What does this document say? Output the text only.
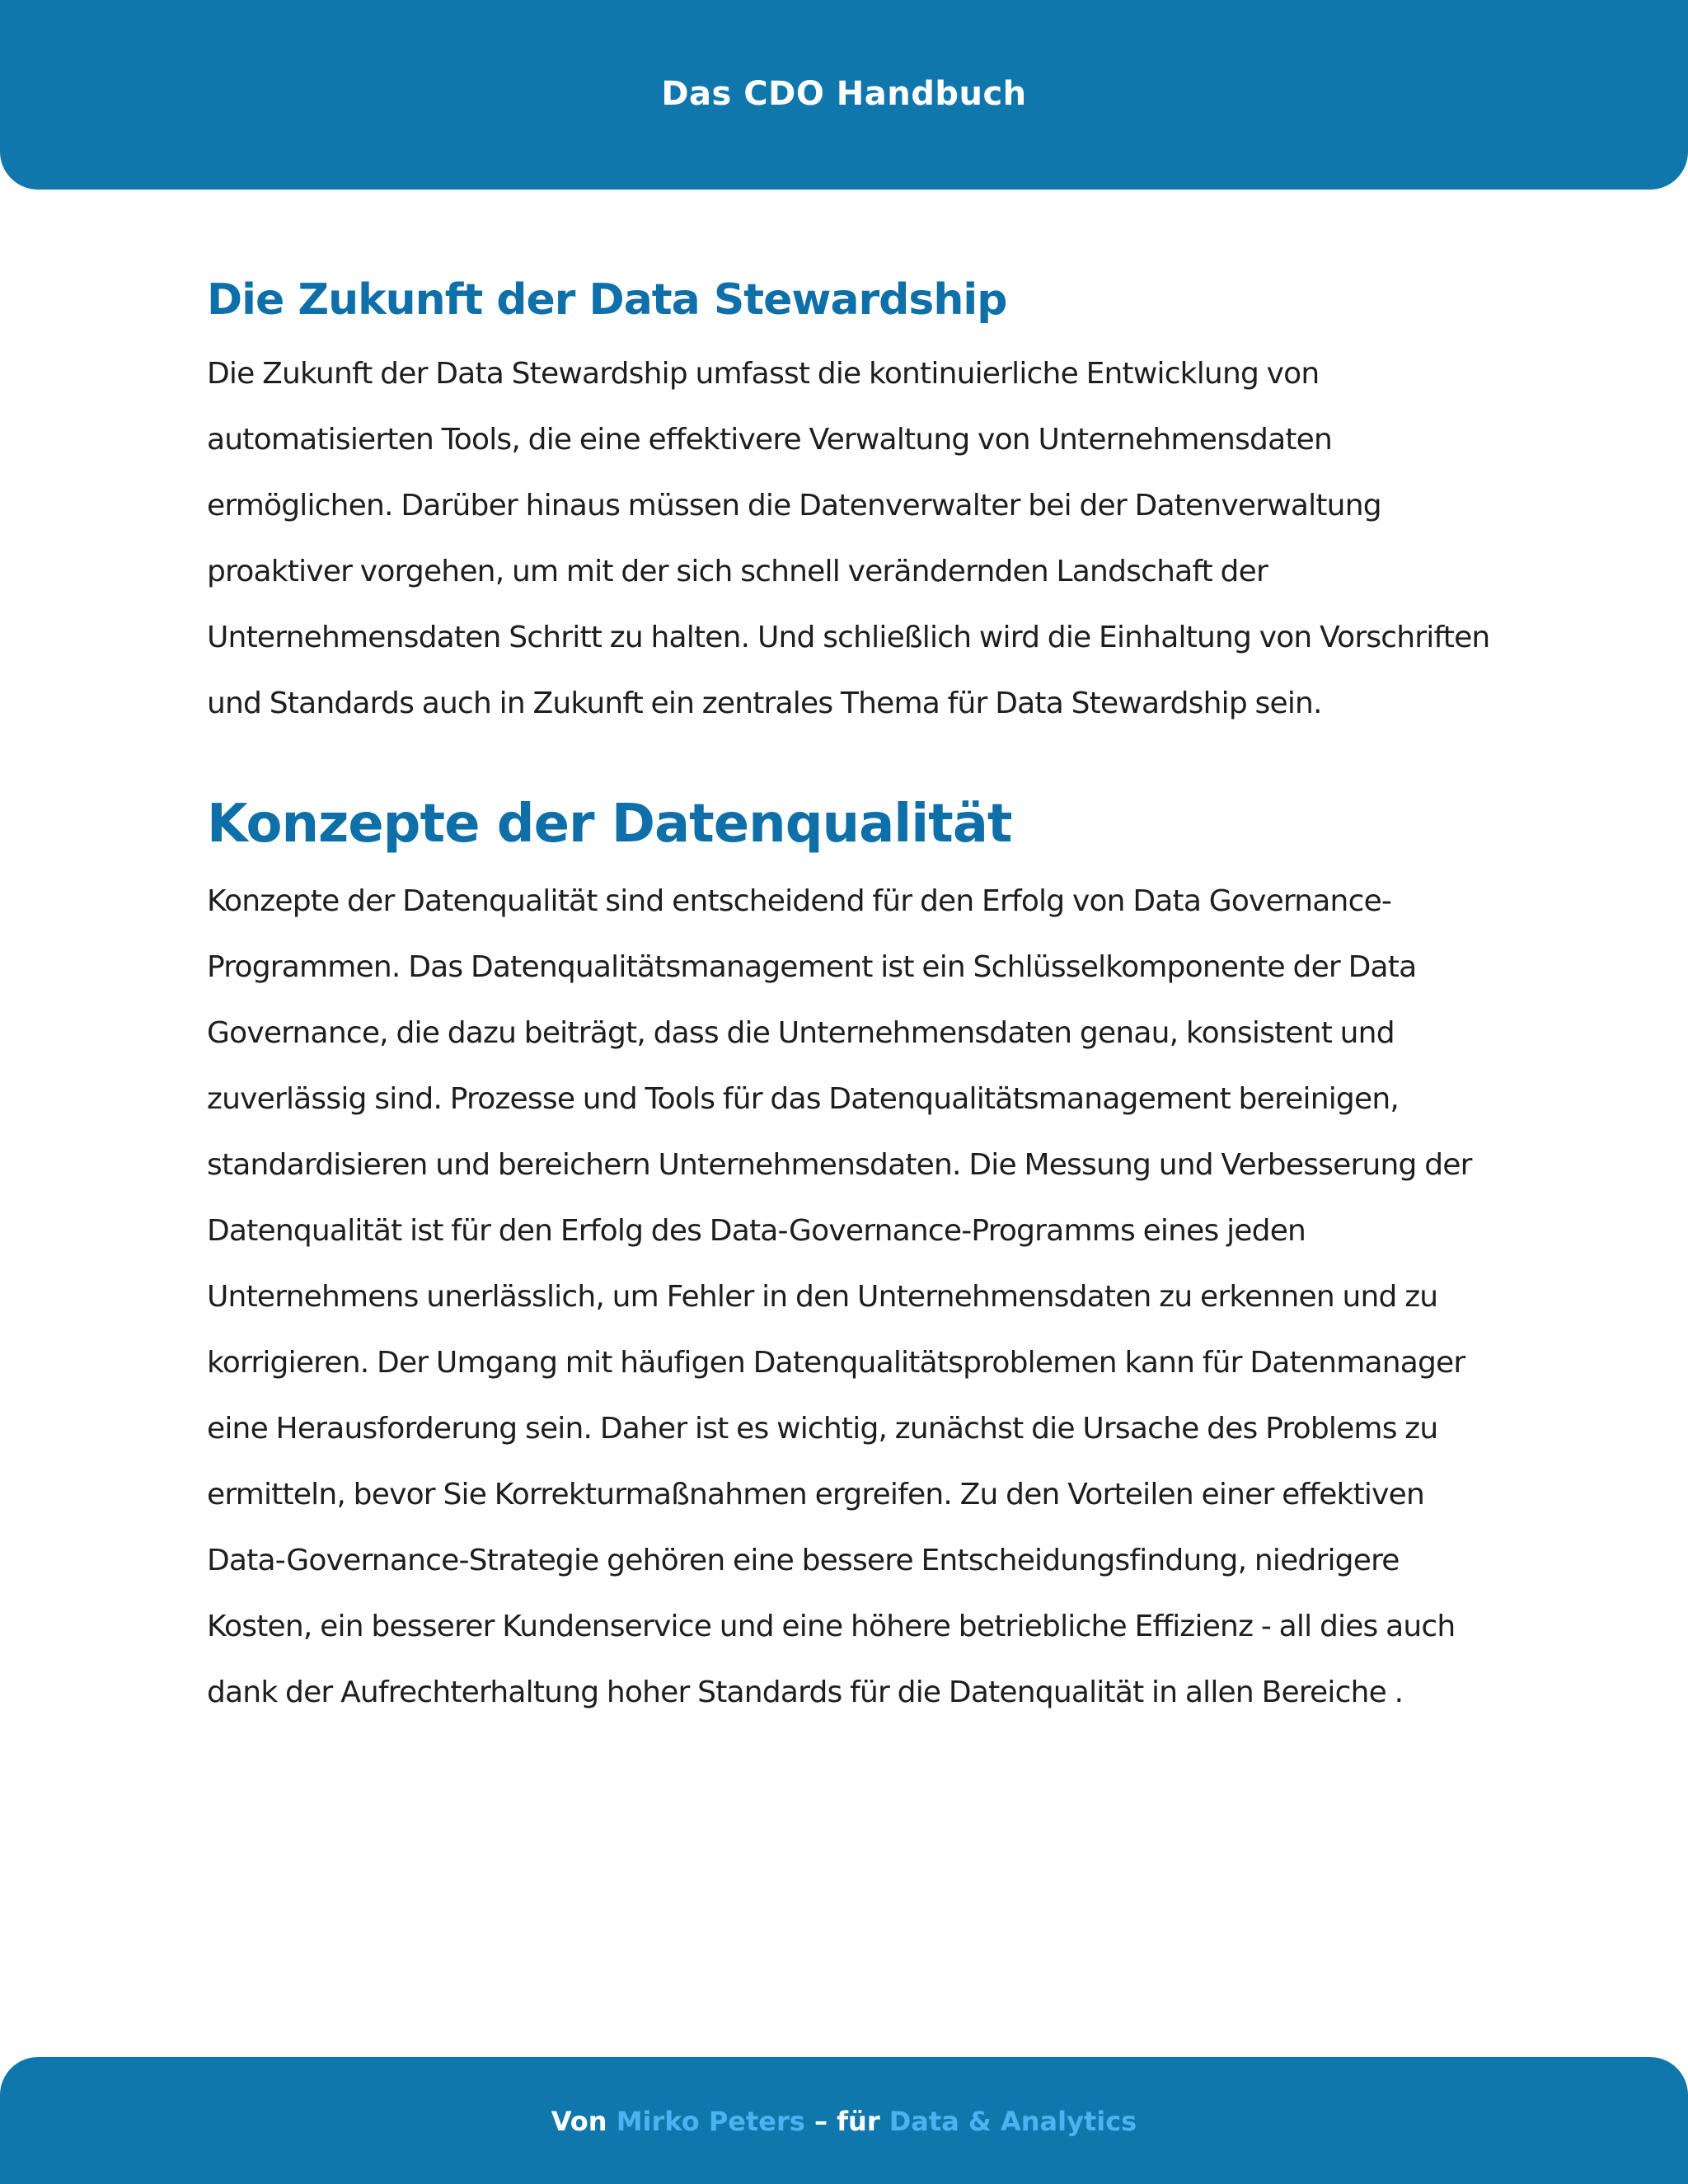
Das CDO Handbuch
Die Zukunft der Data Stewardship

Die Zukunft der Data Stewardship umfasst die kontinuierliche Entwicklung von automatisierten Tools, die eine effektivere Verwaltung von Unternehmensdaten ermöglichen. Darüber hinaus müssen die Datenverwalter bei der Datenverwaltung proaktiver vorgehen, um mit der sich schnell verändernden Landschaft der Unternehmensdaten Schritt zu halten. Und schließlich wird die Einhaltung von Vorschriften und Standards auch in Zukunft ein zentrales Thema für Data Stewardship sein.

Konzepte der Datenqualität

Konzepte der Datenqualität sind entscheidend für den Erfolg von Data Governance-Programmen. Das Datenqualitätsmanagement ist ein Schlüsselkomponente der Data Governance, die dazu beiträgt, dass die Unternehmensdaten genau, konsistent und zuverlässig sind. Prozesse und Tools für das Datenqualitätsmanagement bereinigen, standardisieren und bereichern Unternehmensdaten. Die Messung und Verbesserung der Datenqualität ist für den Erfolg des Data-Governance-Programms eines jeden Unternehmens unerlässlich, um Fehler in den Unternehmensdaten zu erkennen und zu korrigieren. Der Umgang mit häufigen Datenqualitätsproblemen kann für Datenmanager eine Herausforderung sein. Daher ist es wichtig, zunächst die Ursache des Problems zu ermitteln, bevor Sie Korrekturmaßnahmen ergreifen. Zu den Vorteilen einer effektiven Data-Governance-Strategie gehören eine bessere Entscheidungsfindung, niedrigere Kosten, ein besserer Kundenservice und eine höhere betriebliche Effizienz - all dies auch dank der Aufrechterhaltung hoher Standards für die Datenqualität in allen Bereiche .

Von Mirko Peters – für Data & Analytics
